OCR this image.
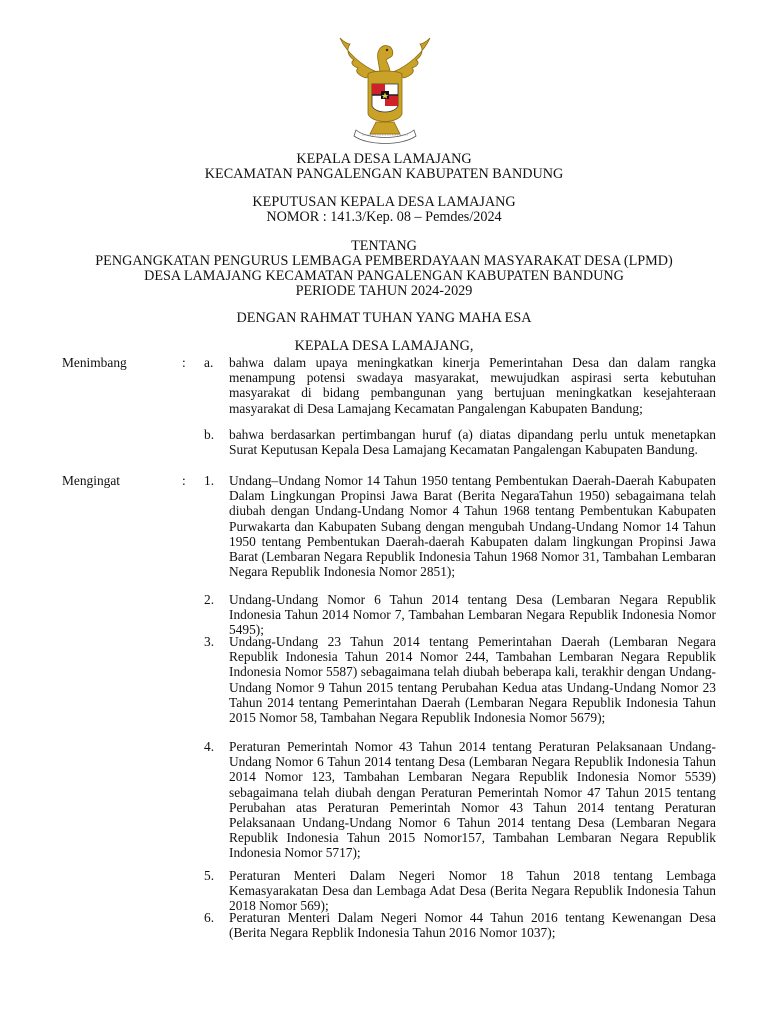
KEPALA DESA LAMAJANG
KECAMATAN PANGALENGAN KABUPATEN BANDUNG
KEPUTUSAN KEPALA DESA LAMAJANG
NOMOR : 141.3/Kep. 08 – Pemdes/2024
TENTANG
PENGANGKATAN PENGURUS LEMBAGA PEMBERDAYAAN MASYARAKAT DESA (LPMD)
DESA LAMAJANG KECAMATAN PANGALENGAN KABUPATEN BANDUNG
PERIODE TAHUN 2024-2029
DENGAN RAHMAT TUHAN YANG MAHA ESA
KEPALA DESA LAMAJANG,
Menimbang	: a.	bahwa dalam upaya meningkatkan kinerja Pemerintahan Desa dan dalam rangka menampung potensi swadaya masyarakat, mewujudkan aspirasi serta kebutuhan masyarakat di bidang pembangunan yang bertujuan meningkatkan kesejahteraan masyarakat di Desa Lamajang Kecamatan Pangalengan Kabupaten Bandung;
b.	bahwa berdasarkan pertimbangan huruf (a) diatas dipandang perlu untuk menetapkan Surat Keputusan Kepala Desa Lamajang Kecamatan Pangalengan Kabupaten Bandung.
Mengingat	: 1.	Undang–Undang Nomor 14 Tahun 1950 tentang Pembentukan Daerah-Daerah Kabupaten Dalam Lingkungan Propinsi Jawa Barat (Berita NegaraTahun 1950) sebagaimana telah diubah dengan Undang-Undang Nomor 4 Tahun 1968 tentang Pembentukan Kabupaten Purwakarta dan Kabupaten Subang dengan mengubah Undang-Undang Nomor 14 Tahun 1950 tentang Pembentukan Daerah-daerah Kabupaten dalam lingkungan Propinsi Jawa Barat (Lembaran Negara Republik Indonesia Tahun 1968 Nomor 31, Tambahan Lembaran Negara Republik Indonesia Nomor 2851);
2.	Undang-Undang Nomor 6 Tahun 2014 tentang Desa (Lembaran Negara Republik Indonesia Tahun 2014 Nomor 7, Tambahan Lembaran Negara Republik Indonesia Nomor 5495);
3.	Undang-Undang 23 Tahun 2014 tentang Pemerintahan Daerah (Lembaran Negara Republik Indonesia Tahun 2014 Nomor 244, Tambahan Lembaran Negara Republik Indonesia Nomor 5587) sebagaimana telah diubah beberapa kali, terakhir dengan Undang-Undang Nomor 9 Tahun 2015 tentang Perubahan Kedua atas Undang-Undang Nomor 23 Tahun 2014 tentang Pemerintahan Daerah (Lembaran Negara Republik Indonesia Tahun 2015 Nomor 58, Tambahan Negara Republik Indonesia Nomor 5679);
4.	Peraturan Pemerintah Nomor 43 Tahun 2014 tentang Peraturan Pelaksanaan Undang-Undang Nomor 6 Tahun 2014 tentang Desa (Lembaran Negara Republik Indonesia Tahun 2014 Nomor 123, Tambahan Lembaran Negara Republik Indonesia Nomor 5539) sebagaimana telah diubah dengan Peraturan Pemerintah Nomor 47 Tahun 2015 tentang Perubahan atas Peraturan Pemerintah Nomor 43 Tahun 2014 tentang Peraturan Pelaksanaan Undang-Undang Nomor 6 Tahun 2014 tentang Desa (Lembaran Negara Republik Indonesia Tahun 2015 Nomor157, Tambahan Lembaran Negara Republik Indonesia Nomor 5717);
5.	Peraturan Menteri Dalam Negeri Nomor 18 Tahun 2018 tentang Lembaga Kemasyarakatan Desa dan Lembaga Adat Desa (Berita Negara Republik Indonesia Tahun 2018 Nomor 569);
6.	Peraturan Menteri Dalam Negeri Nomor 44 Tahun 2016 tentang Kewenangan Desa (Berita Negara Repblik Indonesia Tahun 2016 Nomor 1037);
